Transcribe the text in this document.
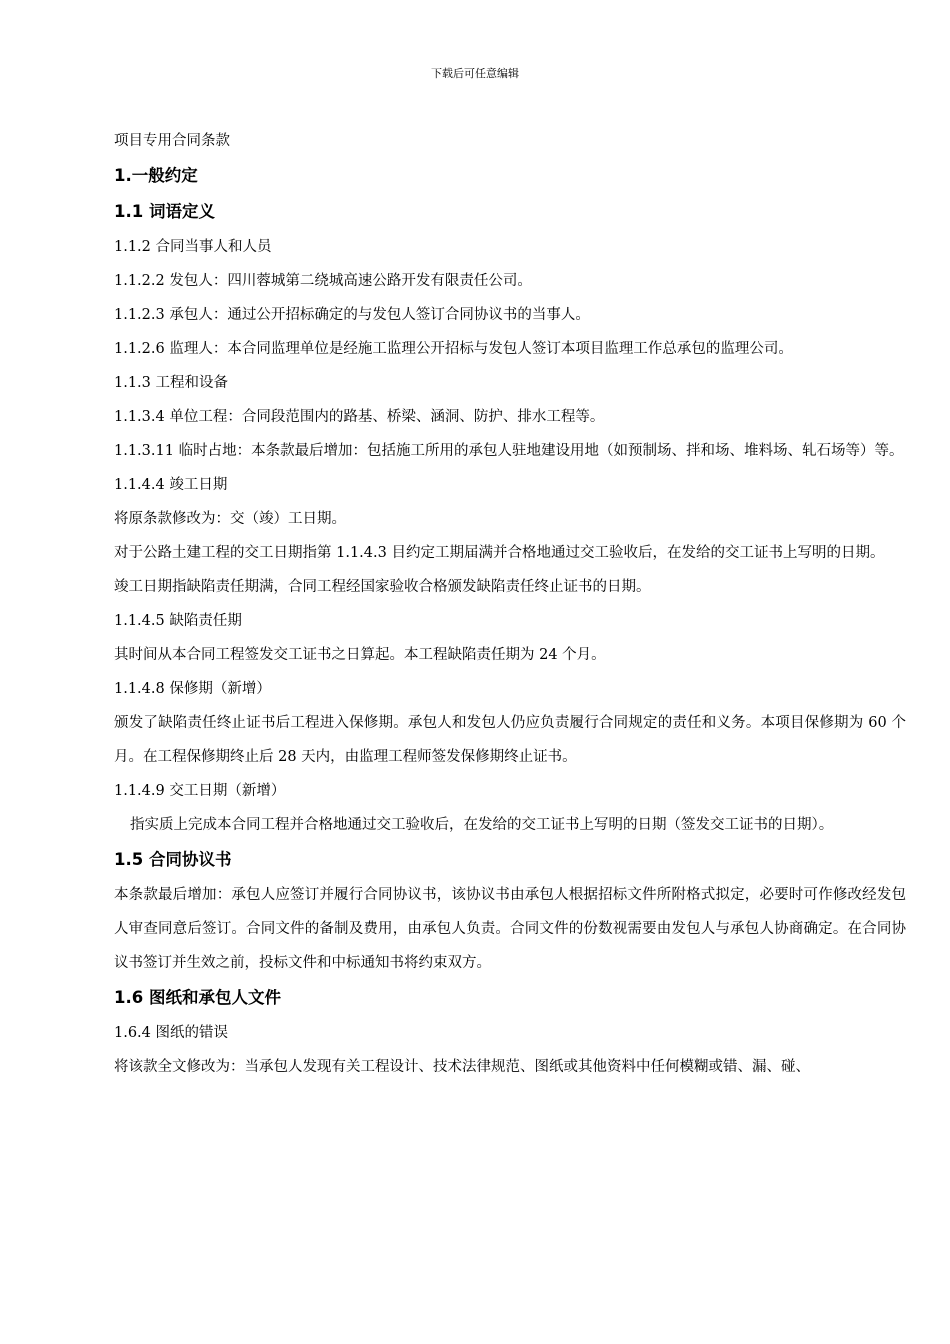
下载后可任意编辑

项目专用合同条款

1.一般约定
1.1 词语定义

1.1.2 合同当事人和人员

1.1.2.2 发包人：四川蓉城第二绕城高速公路开发有限责任公司。

1.1.2.3 承包人：通过公开招标确定的与发包人签订合同协议书的当事人。

1.1.2.6 监理人：本合同监理单位是经施工监理公开招标与发包人签订本项目监理工作总承包的监理公司。

1.1.3 工程和设备

1.1.3.4 单位工程：合同段范围内的路基、桥梁、涵洞、防护、排水工程等。

1.1.3.11 临时占地：本条款最后增加：包括施工所用的承包人驻地建设用地（如预制场、拌和场、堆料场、轧石场等）等。

1.1.4.4 竣工日期

将原条款修改为：交（竣）工日期。

对于公路土建工程的交工日期指第 1.1.4.3 目约定工期届满并合格地通过交工验收后，在发给的交工证书上写明的日期。

竣工日期指缺陷责任期满，合同工程经国家验收合格颁发缺陷责任终止证书的日期。

1.1.4.5 缺陷责任期

其时间从本合同工程签发交工证书之日算起。本工程缺陷责任期为 24 个月。

1.1.4.8 保修期（新增）

颁发了缺陷责任终止证书后工程进入保修期。承包人和发包人仍应负责履行合同规定的责任和义务。本项目保修期为 60 个月。在工程保修期终止后 28 天内，由监理工程师签发保修期终止证书。

1.1.4.9 交工日期（新增）

指实质上完成本合同工程并合格地通过交工验收后，在发给的交工证书上写明的日期（签发交工证书的日期）。

1.5 合同协议书

本条款最后增加：承包人应签订并履行合同协议书，该协议书由承包人根据招标文件所附格式拟定，必要时可作修改经发包人审查同意后签订。合同文件的备制及费用，由承包人负责。合同文件的份数视需要由发包人与承包人协商确定。在合同协议书签订并生效之前，投标文件和中标通知书将约束双方。

1.6 图纸和承包人文件

1.6.4 图纸的错误

将该款全文修改为：当承包人发现有关工程设计、技术法律规范、图纸或其他资料中任何模糊或错、漏、碰、
